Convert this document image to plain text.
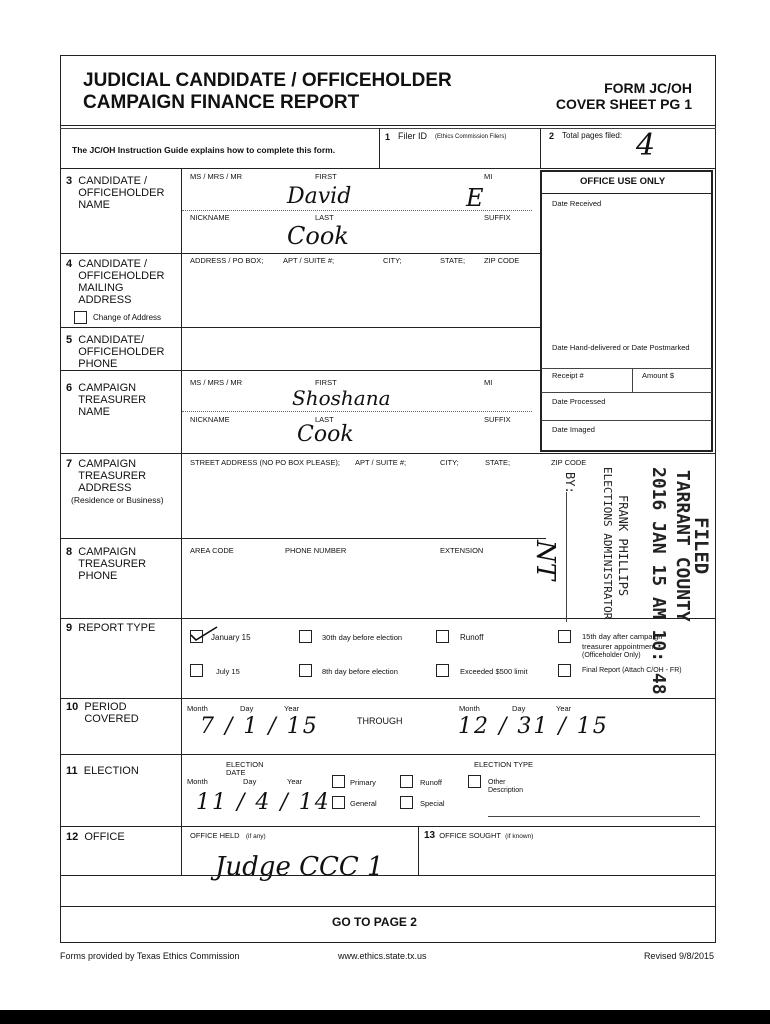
JUDICIAL CANDIDATE / OFFICEHOLDER
CAMPAIGN FINANCE REPORT
FORM JC/OH
COVER SHEET PG 1
The JC/OH Instruction Guide explains how to complete this form.
1 Filer ID (Ethics Commission Filers)	2 Total pages filed: 4
OFFICE USE ONLY
Date Received
Date Hand-delivered or Date Postmarked
Receipt #	Amount $
Date Processed
Date Imaged
3 CANDIDATE /
OFFICEHOLDER
NAME
MS / MRS / MR	FIRST	MI
David	E
NICKNAME	LAST	SUFFIX
Cook
4 CANDIDATE /
OFFICEHOLDER
MAILING
ADDRESS
ADDRESS / PO BOX;	APT / SUITE #;	CITY;	STATE;	ZIP CODE
Change of Address
5 CANDIDATE/
OFFICEHOLDER
PHONE
6 CAMPAIGN
TREASURER
NAME
MS / MRS / MR	FIRST	MI
Shoshana
NICKNAME	LAST	SUFFIX
Cook
7 CAMPAIGN
TREASURER
ADDRESS
(Residence or Business)
STREET ADDRESS (NO PO BOX PLEASE); APT / SUITE #;	CITY;	STATE;	ZIP CODE
8 CAMPAIGN
TREASURER
PHONE
AREA CODE	PHONE NUMBER	EXTENSION	FILED
TARRANT COUNTY
2016 JAN 15 AM 10: 48
FRANK PHILLIPS
ELECTIONS ADMINISTRATOR
BY:
NT
9 REPORT TYPE
January 15	30th day before election	Runoff	15th day after campaign
treasurer appointment
(Officeholder Only)
July 15	8th day before election	Exceeded $500 limit	Final Report (Attach C/OH - FR)
10 PERIOD
COVERED
Month	Day	Year
7 / 1 / 15	THROUGH
Month	Day	Year
12 / 31 / 15
11 ELECTION
ELECTION
DATE
Month	Day	Year
11 / 4 / 14
ELECTION TYPE
Primary	Runoff	Other
Description
General	Special
12 OFFICE	OFFICE HELD (if any)
Judge CCC 1
13 OFFICE SOUGHT (if known)
GO TO PAGE 2
Forms provided by Texas Ethics Commission	www.ethics.state.tx.us	Revised 9/8/2015
